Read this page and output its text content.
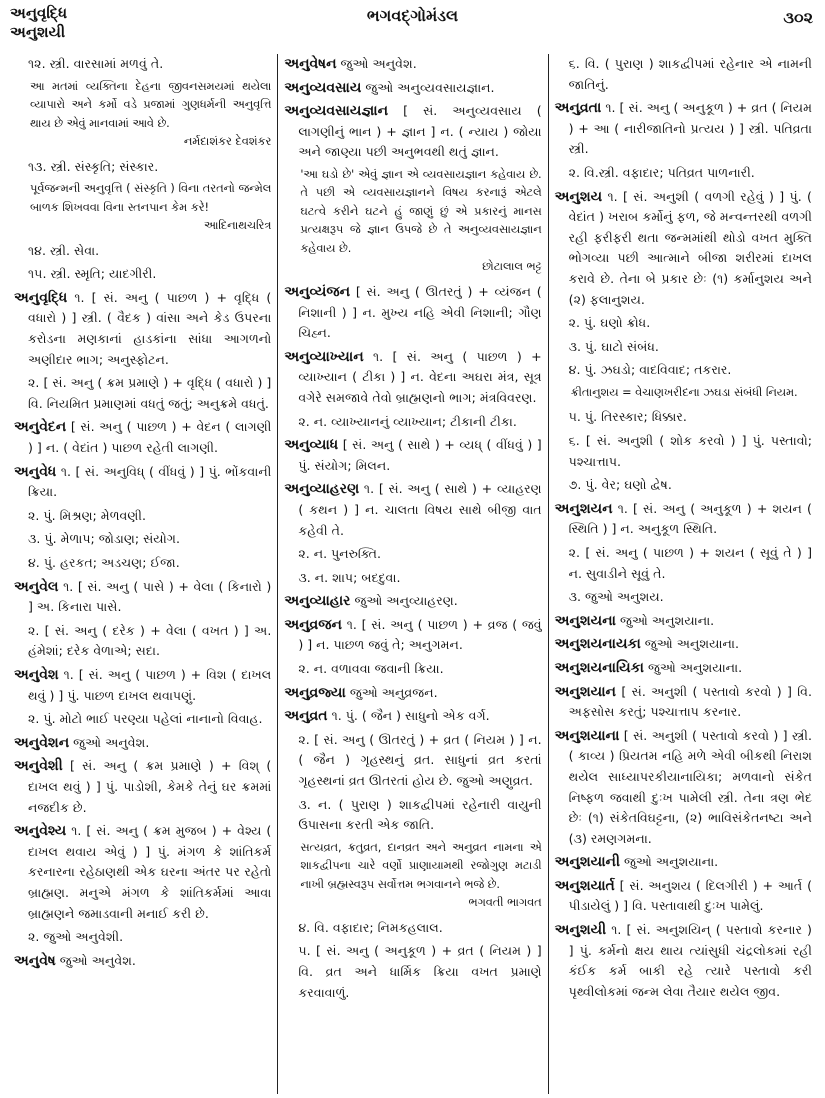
અનુવૃદ્ધિ
અનુશયી
ભગવદ્ગોમંડલ	૩૦૨
૧૨. સ્ત્રી. વારસામાં મળવું તે.
આ મતમાં વ્યક્તિના દેહના જીવનસમયમાં થયેલા વ્યાપારો અને કર્મો વડે પ્રજામાં ગુણધર્મની અનુવૃત્તિ થાય છે એવું માનવામાં આવે છે.
નર્મદાશંકર દેવશંકર
૧૩. સ્ત્રી. સંસ્કૃતિ; સંસ્કાર.
પૂર્વજન્મની અનુવૃત્તિ ( સંસ્કૃતિ ) વિના તરતનો જન્મેલ બાળક શિખવવા વિના સ્તનપાન કેમ કરે!
આદિનાથચરિત્ર
૧૪. સ્ત્રી. સેવા.
૧૫. સ્ત્રી. સ્મૃતિ; યાદગીરી.
અનુવૃદ્ધિ ૧. [ સં. અનુ ( પાછળ ) + વૃદ્ધિ ( વધારો ) ] સ્ત્રી. ( વૈદક ) વાંસા અને કેડ ઉપરના કરોડના મણકાનાં હાડકાંના સાંધા આગળનો અણીદાર ભાગ; અનુસ્ફોટન.
૨. [ સં. અનુ ( ક્રમ પ્રમાણે ) + વૃદ્ધિ ( વધારો ) ] વિ. નિયમિત પ્રમાણમાં વધતું જતું; અનુક્રમે વધતું.
અનુવેદન [ સં. અનુ ( પાછળ ) + વેદન ( લાગણી ) ] ન. ( વેદાંત ) પાછળ રહેતી લાગણી.
અનુવેધ ૧. [ સં. અનુવિધ્ ( વીંધવું ) ] પું. ભોંકવાની ક્રિયા.
૨. પું. મિશ્રણ; મેળવણી.
૩. પું. મેળાપ; જોડાણ; સંયોગ.
૪. પું. હરકત; અડચણ; ઈજા.
અનુવેલ ૧. [ સં. અનુ ( પાસે ) + વેલા ( કિનારો ) ] અ. કિનારા પાસે.
૨. [ સં. અનુ ( દરેક ) + વેલા ( વખત ) ] અ. હંમેશાં; દરેક વેળાએ; સદા.
અનુવેશ ૧. [ સં. અનુ ( પાછળ ) + વિશ ( દાખલ થવું ) ] પું. પાછળ દાખલ થવાપણું.
૨. પું. મોટો ભાઈ પરણ્યા પહેલાં નાનાનો વિવાહ.
અનુવેશન જુઓ અનુવેશ.
અનુવેશી [ સં. અનુ ( ક્રમ પ્રમાણે ) + વિશ્ ( દાખલ થવું ) ] પું. પાડોશી, કેમકે તેનું ઘર ક્રમમાં નજદીક છે.
અનુવેશ્ય ૧. [ સં. અનુ ( ક્રમ મુજબ ) + વેશ્ય ( દાખલ થવાય એવું ) ] પું. મંગળ કે શાંતિકર્મ કરનારના રહેઠાણથી એક ઘરના અંતર પર રહેતો બ્રાહ્મણ. મનુએ મંગળ કે શાંતિકર્મમાં આવા બ્રાહ્મણને જમાડવાની મનાઈ કરી છે.
૨. જુઓ અનુવેશી.
અનુવેષ જુઓ અનુવેશ.
અનુવેષન જુઓ અનુવેશ.
અનુવ્યવસાય જુઓ અનુવ્યવસાયજ્ઞાન.
અનુવ્યવસાયજ્ઞાન [ સં. અનુવ્યવસાય ( લાગણીનું ભાન ) + જ્ઞાન ] ન. ( ન્યાય ) જોયા અને જાણ્યા પછી અનુભવથી થતું જ્ઞાન.
'આ ઘડો છે' એવું જ્ઞાન એ વ્યવસાયજ્ઞાન કહેવાય છે. તે પછી એ વ્યવસાયજ્ઞાનને વિષય કરનારૂં એટલે ઘટત્વે કરીને ઘટને હું જાણું છું એ પ્રકારનું માનસ પ્રત્યક્ષરૂપ જે જ્ઞાન ઉપજે છે તે અનુવ્યવસાયજ્ઞાન કહેવાય છે.
છોટાલાલ ભટ્ટ
અનુવ્યંજન [ સં. અનુ ( ઊતરતું ) + વ્યંજન ( નિશાની ) ] ન. મુખ્ય નહિ એવી નિશાની; ગૌણ ચિહ્ન.
અનુવ્યાખ્યાન ૧. [ સં. અનુ ( પાછળ ) + વ્યાખ્યાન ( ટીકા ) ] ન. વેદના અઘરા મંત્ર, સૂત્ર વગેરે સમજાવે તેવો બ્રાહ્મણનો ભાગ; મંત્રવિવરણ.
૨. ન. વ્યાખ્યાનનું વ્યાખ્યાન; ટીકાની ટીકા.
અનુવ્યાધ [ સં. અનુ ( સાથે ) + વ્યધ્ ( વીંધવું ) ] પું. સંયોગ; મિલન.
અનુવ્યાહરણ ૧. [ સં. અનુ ( સાથે ) + વ્યાહરણ ( કથન ) ] ન. ચાલતા વિષય સાથે બીજી વાત કહેવી તે.
૨. ન. પુનરુક્તિ.
૩. ન. શાપ; બદદુવા.
અનુવ્યાહાર જુઓ અનુવ્યાહરણ.
અનુવ્રજન ૧. [ સં. અનુ ( પાછળ ) + વ્રજ ( જવું ) ] ન. પાછળ જવું તે; અનુગમન.
૨. ન. વળાવવા જવાની ક્રિયા.
અનુવ્રજ્યા જુઓ અનુવ્રજન.
અનુવ્રત ૧. પું. ( જૈન ) સાધુનો એક વર્ગ.
૨. [ સં. અનુ ( ઊતરતું ) + વ્રત ( નિયમ ) ] ન. ( જૈન ) ગૃહસ્થનું વ્રત. સાધુનાં વ્રત કરતાં ગૃહસ્થનાં વ્રત ઊતરતાં હોય છે. જુઓ અણુવ્રત.
૩. ન. ( પુરાણ ) શાકદ્વીપમાં રહેનારી વાયુની ઉપાસના કરતી એક જાતિ.
સત્યવ્રત, ક્રતુવ્રત, દાનવ્રત અને અનુવ્રત નામના એ શાકદ્વીપના ચારે વર્ણો પ્રાણાયામથી રજોગુણ મટાડી નાખી બ્રહ્મસ્વરૂપ સર્વોત્તમ ભગવાનને ભજે છે.
ભગવતી ભાગવત
૪. વિ. વફાદાર; નિમકહલાલ.
૫. [ સં. અનુ ( અનુકૂળ ) + વ્રત ( નિયમ ) ] વિ. વ્રત અને ધાર્મિક ક્રિયા વખત પ્રમાણે કરવાવાળું.
૬. વિ. ( પુરાણ ) શાકદ્વીપમાં રહેનાર એ નામની જાતિનું.
અનુવ્રતા ૧. [ સં. અનુ ( અનુકૂળ ) + વ્રત ( નિયમ ) + આ ( નારીજાતિનો પ્રત્યય ) ] સ્ત્રી. પતિવ્રતા સ્ત્રી.
૨. વિ.સ્ત્રી. વફાદાર; પતિવ્રત પાળનારી.
અનુશય ૧. [ સં. અનુશી ( વળગી રહેવું ) ] પું. ( વેદાંત ) ખરાબ કર્મોનું ફળ, જે મન્વન્તરથી વળગી રહી ફરીફરી થતા જન્મમાંથી થોડો વખત મુક્તિ ભોગવ્યા પછી આત્માને બીજા શરીરમાં દાખલ કરાવે છે. તેના બે પ્રકાર છેઃ (૧) કર્માનુશય અને (૨) ફલાનુશય.
૨. પું. ઘણો ક્રોધ.
૩. પું. ઘાટો સંબંધ.
૪. પું. ઝઘડો; વાદવિવાદ; તકરાર.
ક્રીતાનુશય = વેચાણખરીદના ઝઘડા સંબંધી નિયમ.
૫. પું. તિરસ્કાર; ધિક્કાર.
૬. [ સં. અનુશી ( શોક કરવો ) ] પું. પસ્તાવો; પશ્ચાત્તાપ.
૭. પું. વેર; ઘણો દ્વેષ.
અનુશયન ૧. [ સં. અનુ ( અનુકૂળ ) + શયન ( સ્થિતિ ) ] ન. અનુકૂળ સ્થિતિ.
૨. [ સં. અનુ ( પાછળ ) + શયન ( સૂવું તે ) ] ન. સુવાડીને સૂવું તે.
૩. જુઓ અનુશય.
અનુશયના જુઓ અનુશયાના.
અનુશયનાયકા જુઓ અનુશયાના.
અનુશયનાયિકા જુઓ અનુશયાના.
અનુશયાન [ સં. અનુશી ( પસ્તાવો કરવો ) ] વિ. અફસોસ કરતું; પશ્ચાત્તાપ કરનાર.
અનુશયાના [ સં. અનુશી ( પસ્તાવો કરવો ) ] સ્ત્રી. ( કાવ્ય ) પ્રિયતમ નહિ મળે એવી બીકથી નિરાશ થયેલ સાધ્યાપરકીયાનાયિકા; મળવાનો સંકેત નિષ્ફળ જવાથી દુઃખ પામેલી સ્ત્રી. તેના ત્રણ ભેદ છેઃ (૧) સંકેતવિઘટ્ટના, (૨) ભાવિસંકેતનષ્ટા અને (૩) રમણગમના.
અનુશયાની જુઓ અનુશયાના.
અનુશયાર્ત [ સં. અનુશય ( દિલગીરી ) + આર્ત ( પીડાયેલું ) ] વિ. પસ્તાવાથી દુઃખ પામેલું.
અનુશયી ૧. [ સં. અનુશયિન્ ( પસ્તાવો કરનાર ) ] પું. કર્મનો ક્ષય થાય ત્યાંસુધી ચંદ્રલોકમાં રહી કંઈક કર્મ બાકી રહે ત્યારે પસ્તાવો કરી પૃથ્વીલોકમાં જન્મ લેવા તૈયાર થયેલ જીવ.
